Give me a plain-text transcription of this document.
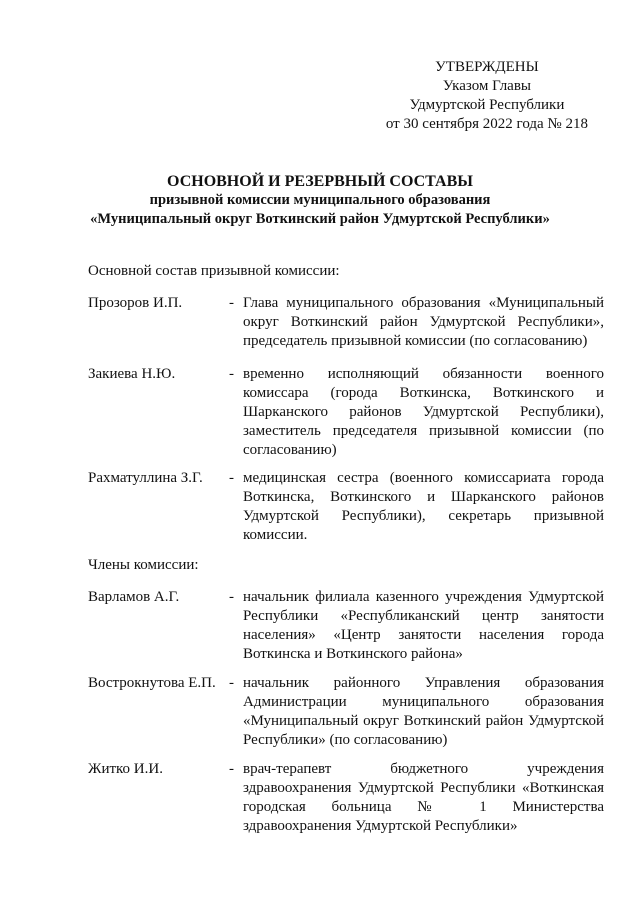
УТВЕРЖДЕНЫ
Указом Главы
Удмуртской Республики
от 30 сентября 2022 года № 218
ОСНОВНОЙ И РЕЗЕРВНЫЙ СОСТАВЫ
призывной комиссии муниципального образования
«Муниципальный округ Воткинский район Удмуртской Республики»
Основной состав призывной комиссии:
Прозоров И.П.	- Глава муниципального образования «Муниципальный округ Воткинский район Удмуртской Республики», председатель призывной комиссии (по согласованию)
Закиева Н.Ю.	- временно исполняющий обязанности военного комиссара (города Воткинска, Воткинского и Шарканского районов Удмуртской Республики), заместитель председателя призывной комиссии (по согласованию)
Рахматуллина З.Г.	- медицинская сестра (военного комиссариата города Воткинска, Воткинского и Шарканского районов Удмуртской Республики), секретарь призывной комиссии.
Члены комиссии:
Варламов А.Г.	- начальник филиала казенного учреждения Удмуртской Республики «Республиканский центр занятости населения» «Центр занятости населения города Воткинска и Воткинского района»
Вострокнутова Е.П. - начальник районного Управления образования Администрации муниципального образования «Муниципальный округ Воткинский район Удмуртской Республики» (по согласованию)
Житко И.И.	- врач-терапевт бюджетного учреждения здравоохранения Удмуртской Республики «Воткинская городская больница № 1 Министерства здравоохранения Удмуртской Республики»
